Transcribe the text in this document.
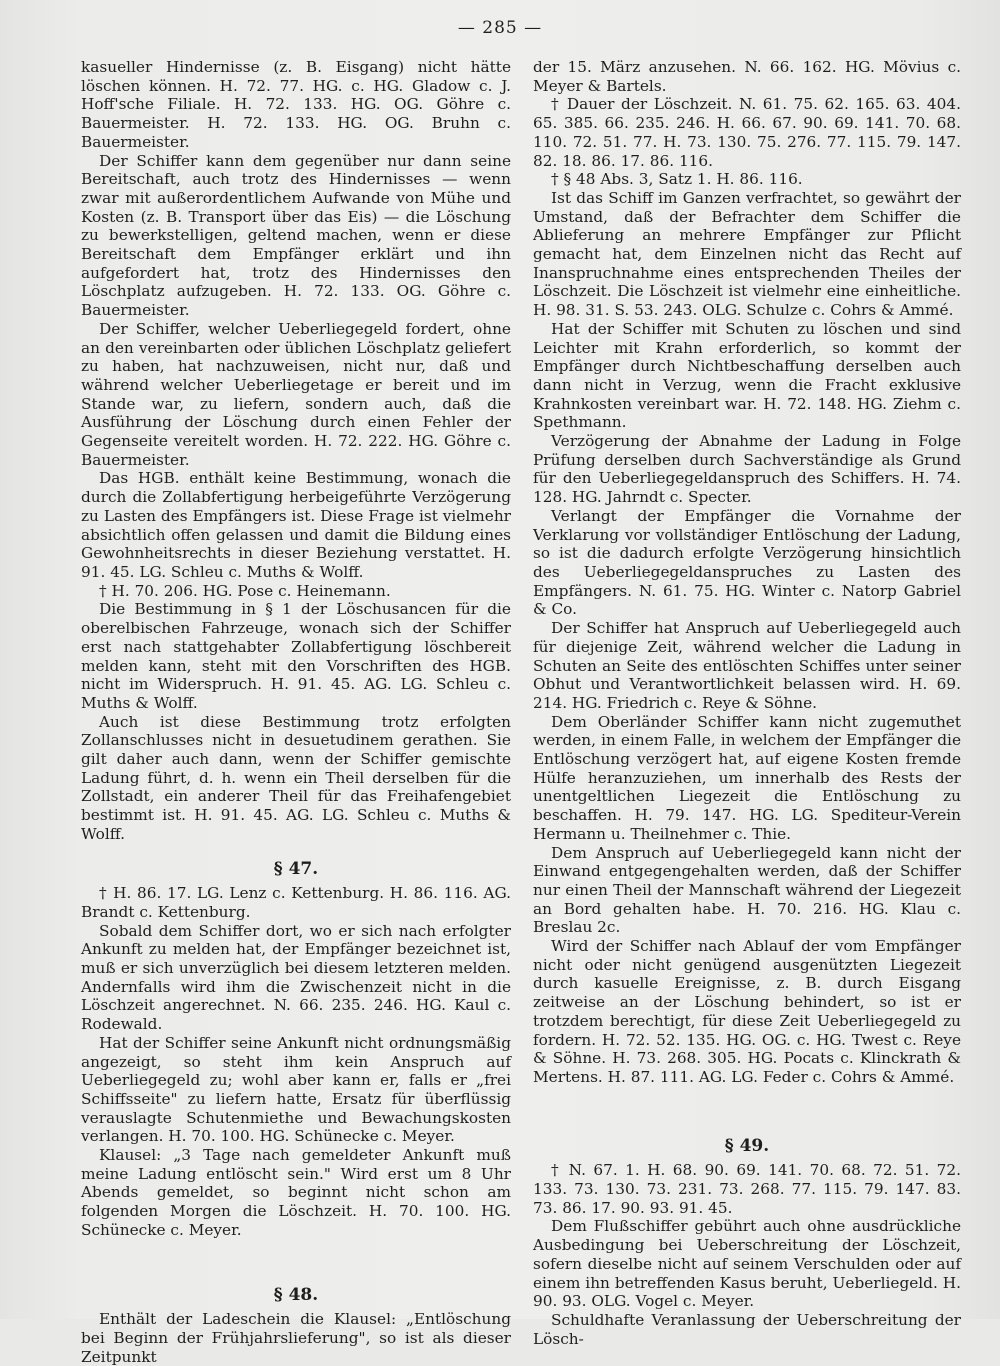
— 285 —

kasueller Hindernisse (z. B. Eisgang) nicht hätte löschen können. H. 72. 77. HG. c. HG. Gladow c. J. Hoff'sche Filiale. H. 72. 133. HG. OG. Göhre c. Bauermeister. H. 72. 133. HG. OG. Bruhn c. Bauermeister.

Der Schiffer kann dem gegenüber nur dann seine Bereitschaft, auch trotz des Hindernisses — wenn zwar mit außerordentlichem Aufwande von Mühe und Kosten (z. B. Transport über das Eis) — die Löschung zu bewerkstelligen, geltend machen, wenn er diese Bereitschaft dem Empfänger erklärt und ihn aufgefordert hat, trotz des Hindernisses den Löschplatz aufzugeben. H. 72. 133. OG. Göhre c. Bauermeister.

Der Schiffer, welcher Ueberliegegeld fordert, ohne an den vereinbarten oder üblichen Löschplatz geliefert zu haben, hat nachzuweisen, nicht nur, daß und während welcher Ueberliegetage er bereit und im Stande war, zu liefern, sondern auch, daß die Ausführung der Löschung durch einen Fehler der Gegenseite vereitelt worden. H. 72. 222. HG. Göhre c. Bauermeister.

Das HGB. enthält keine Bestimmung, wonach die durch die Zollabfertigung herbeigeführte Verzögerung zu Lasten des Empfängers ist. Diese Frage ist vielmehr absichtlich offen gelassen und damit die Bildung eines Gewohnheitsrechts in dieser Beziehung verstattet. H. 91. 45. LG. Schleu c. Muths & Wolff.

† H. 70. 206. HG. Pose c. Heinemann.

Die Bestimmung in § 1 der Löschusancen für die oberelbischen Fahrzeuge, wonach sich der Schiffer erst nach stattgehabter Zollabfertigung löschbereit melden kann, steht mit den Vorschriften des HGB. nicht im Widerspruch. H. 91. 45. AG. LG. Schleu c. Muths & Wolff.

Auch ist diese Bestimmung trotz erfolgten Zollanschlusses nicht in desuetudinem gerathen. Sie gilt daher auch dann, wenn der Schiffer gemischte Ladung führt, d. h. wenn ein Theil derselben für die Zollstadt, ein anderer Theil für das Freihafengebiet bestimmt ist. H. 91. 45. AG. LG. Schleu c. Muths & Wolff.

§ 47.

† H. 86. 17. LG. Lenz c. Kettenburg. H. 86. 116. AG. Brandt c. Kettenburg.

Sobald dem Schiffer dort, wo er sich nach erfolgter Ankunft zu melden hat, der Empfänger bezeichnet ist, muß er sich unverzüglich bei diesem letzteren melden. Andernfalls wird ihm die Zwischenzeit nicht in die Löschzeit angerechnet. N. 66. 235. 246. HG. Kaul c. Rodewald.

Hat der Schiffer seine Ankunft nicht ordnungsmäßig angezeigt, so steht ihm kein Anspruch auf Ueberliegegeld zu; wohl aber kann er, falls er „frei Schiffsseite" zu liefern hatte, Ersatz für überflüssig verauslagte Schutenmiethe und Bewachungskosten verlangen. H. 70. 100. HG. Schünecke c. Meyer.

Klausel: „3 Tage nach gemeldeter Ankunft muß meine Ladung entlöscht sein." Wird erst um 8 Uhr Abends gemeldet, so beginnt nicht schon am folgenden Morgen die Löschzeit. H. 70. 100. HG. Schünecke c. Meyer.

§ 48.

Enthält der Ladeschein die Klausel: „Entlöschung bei Beginn der Frühjahrslieferung", so ist als dieser Zeitpunkt

der 15. März anzusehen. N. 66. 162. HG. Mövius c. Meyer & Bartels.

† Dauer der Löschzeit. N. 61. 75. 62. 165. 63. 404. 65. 385. 66. 235. 246. H. 66. 67. 90. 69. 141. 70. 68. 110. 72. 51. 77. H. 73. 130. 75. 276. 77. 115. 79. 147. 82. 18. 86. 17. 86. 116.

† § 48 Abs. 3, Satz 1. H. 86. 116.

Ist das Schiff im Ganzen verfrachtet, so gewährt der Umstand, daß der Befrachter dem Schiffer die Ablieferung an mehrere Empfänger zur Pflicht gemacht hat, dem Einzelnen nicht das Recht auf Inanspruchnahme eines entsprechenden Theiles der Löschzeit. Die Löschzeit ist vielmehr eine einheitliche. H. 98. 31. S. 53. 243. OLG. Schulze c. Cohrs & Ammé.

Hat der Schiffer mit Schuten zu löschen und sind Leichter mit Krahn erforderlich, so kommt der Empfänger durch Nichtbeschaffung derselben auch dann nicht in Verzug, wenn die Fracht exklusive Krahnkosten vereinbart war. H. 72. 148. HG. Ziehm c. Spethmann.

Verzögerung der Abnahme der Ladung in Folge Prüfung derselben durch Sachverständige als Grund für den Ueberliegegeldanspruch des Schiffers. H. 74. 128. HG. Jahrndt c. Specter.

Verlangt der Empfänger die Vornahme der Verklarung vor vollständiger Entlöschung der Ladung, so ist die dadurch erfolgte Verzögerung hinsichtlich des Ueberliegegeldanspruches zu Lasten des Empfängers. N. 61. 75. HG. Winter c. Natorp Gabriel & Co.

Der Schiffer hat Anspruch auf Ueberliegegeld auch für diejenige Zeit, während welcher die Ladung in Schuten an Seite des entlöschten Schiffes unter seiner Obhut und Verantwortlichkeit belassen wird. H. 69. 214. HG. Friedrich c. Reye & Söhne.

Dem Oberländer Schiffer kann nicht zugemuthet werden, in einem Falle, in welchem der Empfänger die Entlöschung verzögert hat, auf eigene Kosten fremde Hülfe heranzuziehen, um innerhalb des Rests der unentgeltlichen Liegezeit die Entlöschung zu beschaffen. H. 79. 147. HG. LG. Spediteur-Verein Hermann u. Theilnehmer c. Thie.

Dem Anspruch auf Ueberliegegeld kann nicht der Einwand entgegengehalten werden, daß der Schiffer nur einen Theil der Mannschaft während der Liegezeit an Bord gehalten habe. H. 70. 216. HG. Klau c. Breslau 2c.

Wird der Schiffer nach Ablauf der vom Empfänger nicht oder nicht genügend ausgenützten Liegezeit durch kasuelle Ereignisse, z. B. durch Eisgang zeitweise an der Löschung behindert, so ist er trotzdem berechtigt, für diese Zeit Ueberliegegeld zu fordern. H. 72. 52. 135. HG. OG. c. HG. Twest c. Reye & Söhne. H. 73. 268. 305. HG. Pocats c. Klinckrath & Mertens. H. 87. 111. AG. LG. Feder c. Cohrs & Ammé.

§ 49.

† N. 67. 1. H. 68. 90. 69. 141. 70. 68. 72. 51. 72. 133. 73. 130. 73. 231. 73. 268. 77. 115. 79. 147. 83. 73. 86. 17. 90. 93. 91. 45.

Dem Flußschiffer gebührt auch ohne ausdrückliche Ausbedingung bei Ueberschreitung der Löschzeit, sofern dieselbe nicht auf seinem Verschulden oder auf einem ihn betreffenden Kasus beruht, Ueberliegeld. H. 90. 93. OLG. Vogel c. Meyer.

Schuldhafte Veranlassung der Ueberschreitung der Lösch-
